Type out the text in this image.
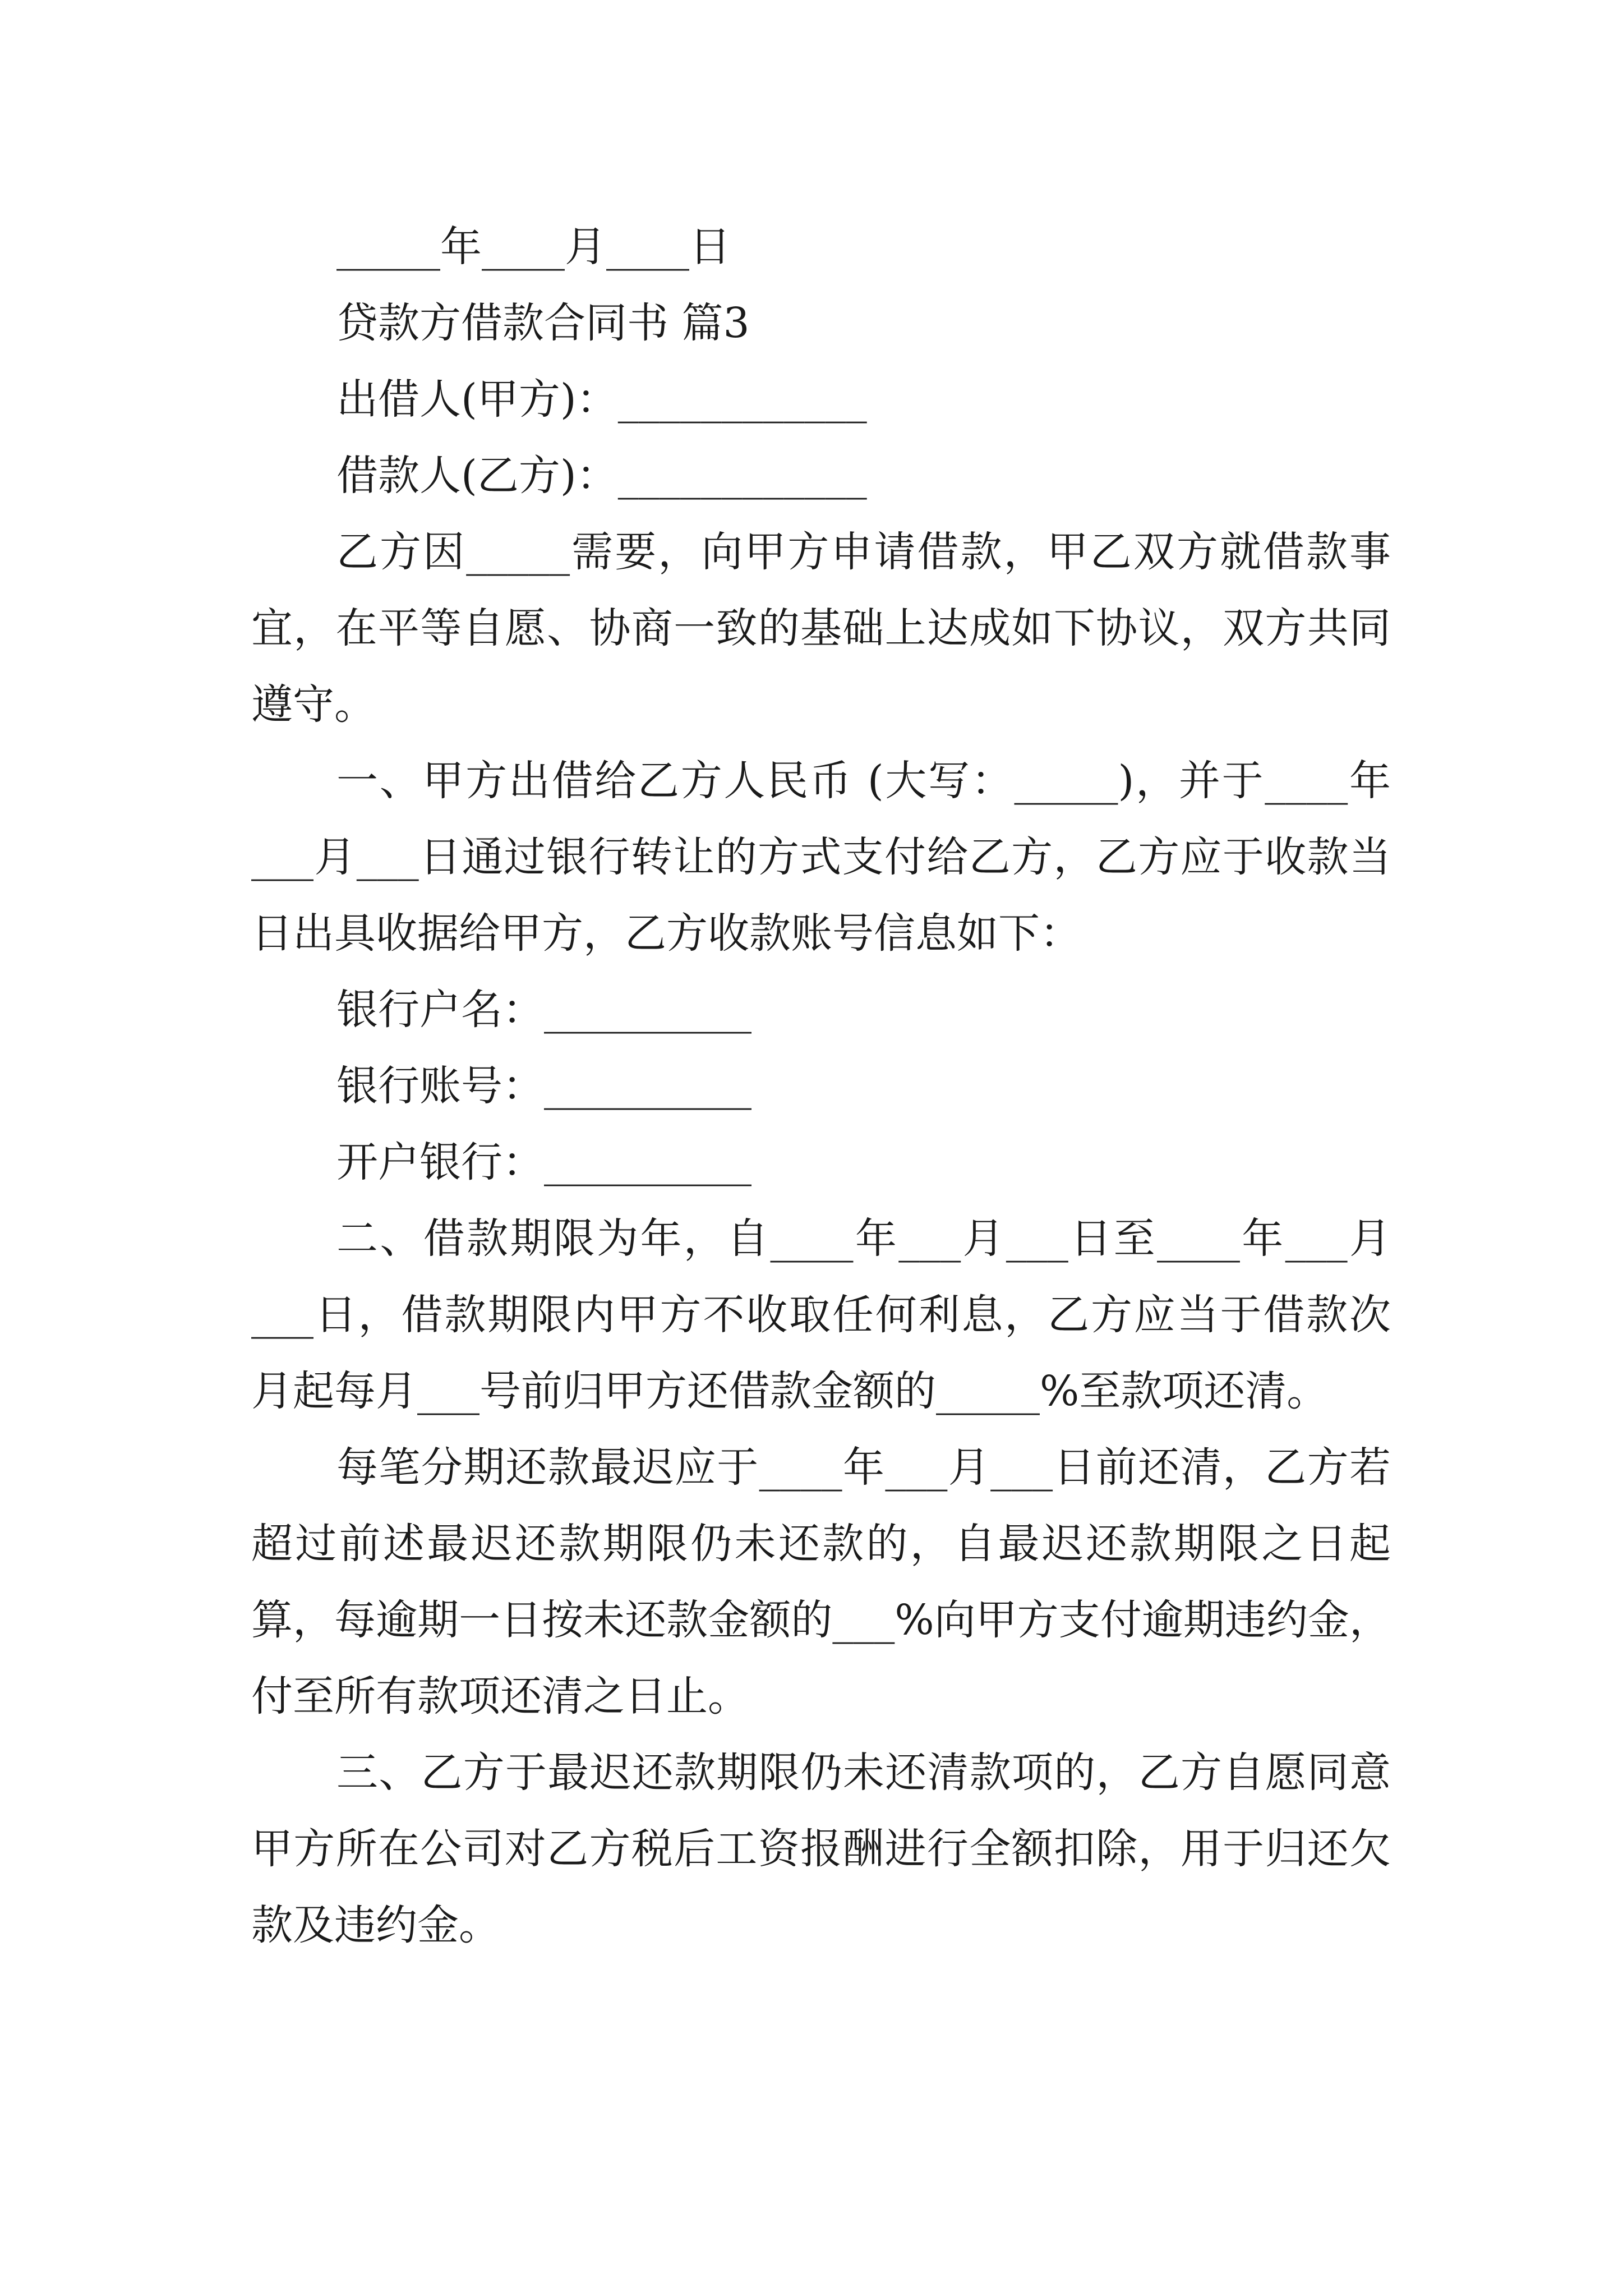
_____年____月____日

贷款方借款合同书 篇3

出借人(甲方)：____________

借款人(乙方)：____________

乙方因_____需要，向甲方申请借款，甲乙双方就借款事宜，在平等自愿、协商一致的基础上达成如下协议，双方共同遵守。

一、甲方出借给乙方人民币 (大写：_____)，并于____年___月___日通过银行转让的方式支付给乙方，乙方应于收款当日出具收据给甲方，乙方收款账号信息如下：

银行户名：__________

银行账号：__________

开户银行：__________

二、借款期限为年，自____年___月___日至____年___月___日，借款期限内甲方不收取任何利息，乙方应当于借款次月起每月___号前归甲方还借款金额的_____%至款项还清。

每笔分期还款最迟应于____年___月___日前还清，乙方若超过前述最迟还款期限仍未还款的，自最迟还款期限之日起算，每逾期一日按未还款金额的___%向甲方支付逾期违约金，付至所有款项还清之日止。

三、乙方于最迟还款期限仍未还清款项的，乙方自愿同意甲方所在公司对乙方税后工资报酬进行全额扣除，用于归还欠款及违约金。
